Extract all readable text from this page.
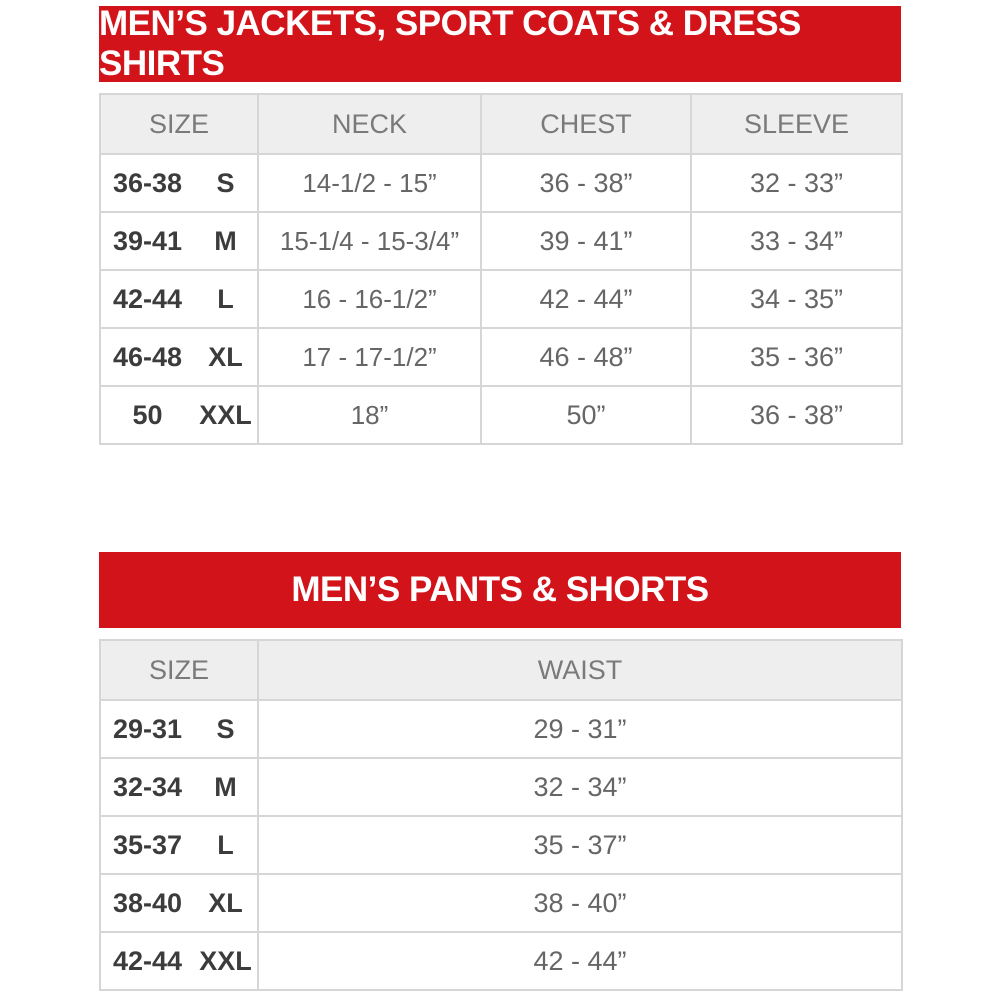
MEN’S JACKETS, SPORT COATS & DRESS SHIRTS
SIZE		NECK	CHEST	SLEEVE
36-38	S	14-1/2 - 15”	36 - 38”	32 - 33”
39-41	M	15-1/4 - 15-3/4”	39 - 41”	33 - 34”
42-44	L	16 - 16-1/2”	42 - 44”	34 - 35”
46-48	XL	17 - 17-1/2”	46 - 48”	35 - 36”
50	XXL	18”	50”	36 - 38”
MEN’S PANTS & SHORTS
SIZE		WAIST
29-31	S	29 - 31”
32-34	M	32 - 34”
35-37	L	35 - 37”
38-40	XL	38 - 40”
42-44	XXL	42 - 44”
